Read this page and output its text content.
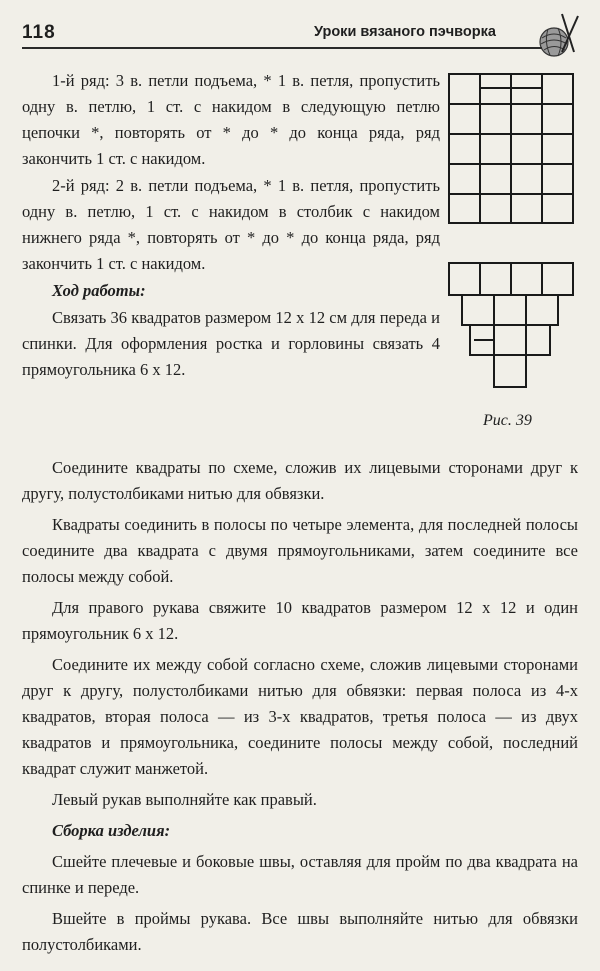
118	Уроки вязаного пэчворка

1-й ряд: 3 в. петли подъема, * 1 в. петля, пропустить одну в. петлю, 1 ст. с накидом в следующую петлю цепочки *, повторять от * до * до конца ряда, ряд закончить 1 ст. с накидом.

2-й ряд: 2 в. петли подъема, * 1 в. петля, пропустить одну в. петлю, 1 ст. с накидом в столбик с накидом нижнего ряда *, повторять от * до * до конца ряда, ряд закончить 1 ст. с накидом.

Ход работы:

Связать 36 квадратов размером 12 х 12 см для переда и спинки. Для оформления ростка и горловины связать 4 прямоугольника 6 х 12.

Рис. 39

Соедините квадраты по схеме, сложив их лицевыми сторонами друг к другу, полустолбиками нитью для обвязки.

Квадраты соединить в полосы по четыре элемента, для последней полосы соедините два квадрата с двумя прямоугольниками, затем соедините все полосы между собой.

Для правого рукава свяжите 10 квадратов размером 12 х 12 и один прямоугольник 6 х 12.

Соедините их между собой согласно схеме, сложив лицевыми сторонами друг к другу, полустолбиками нитью для обвязки: первая полоса из 4-х квадратов, вторая полоса — из 3-х квадратов, третья полоса — из двух квадратов и прямоугольника, соедините полосы между собой, последний квадрат служит манжетой.

Левый рукав выполняйте как правый.

Сборка изделия:

Сшейте плечевые и боковые швы, оставляя для пройм по два квадрата на спинке и переде.

Вшейте в проймы рукава. Все швы выполняйте нитью для обвязки полустолбиками.
